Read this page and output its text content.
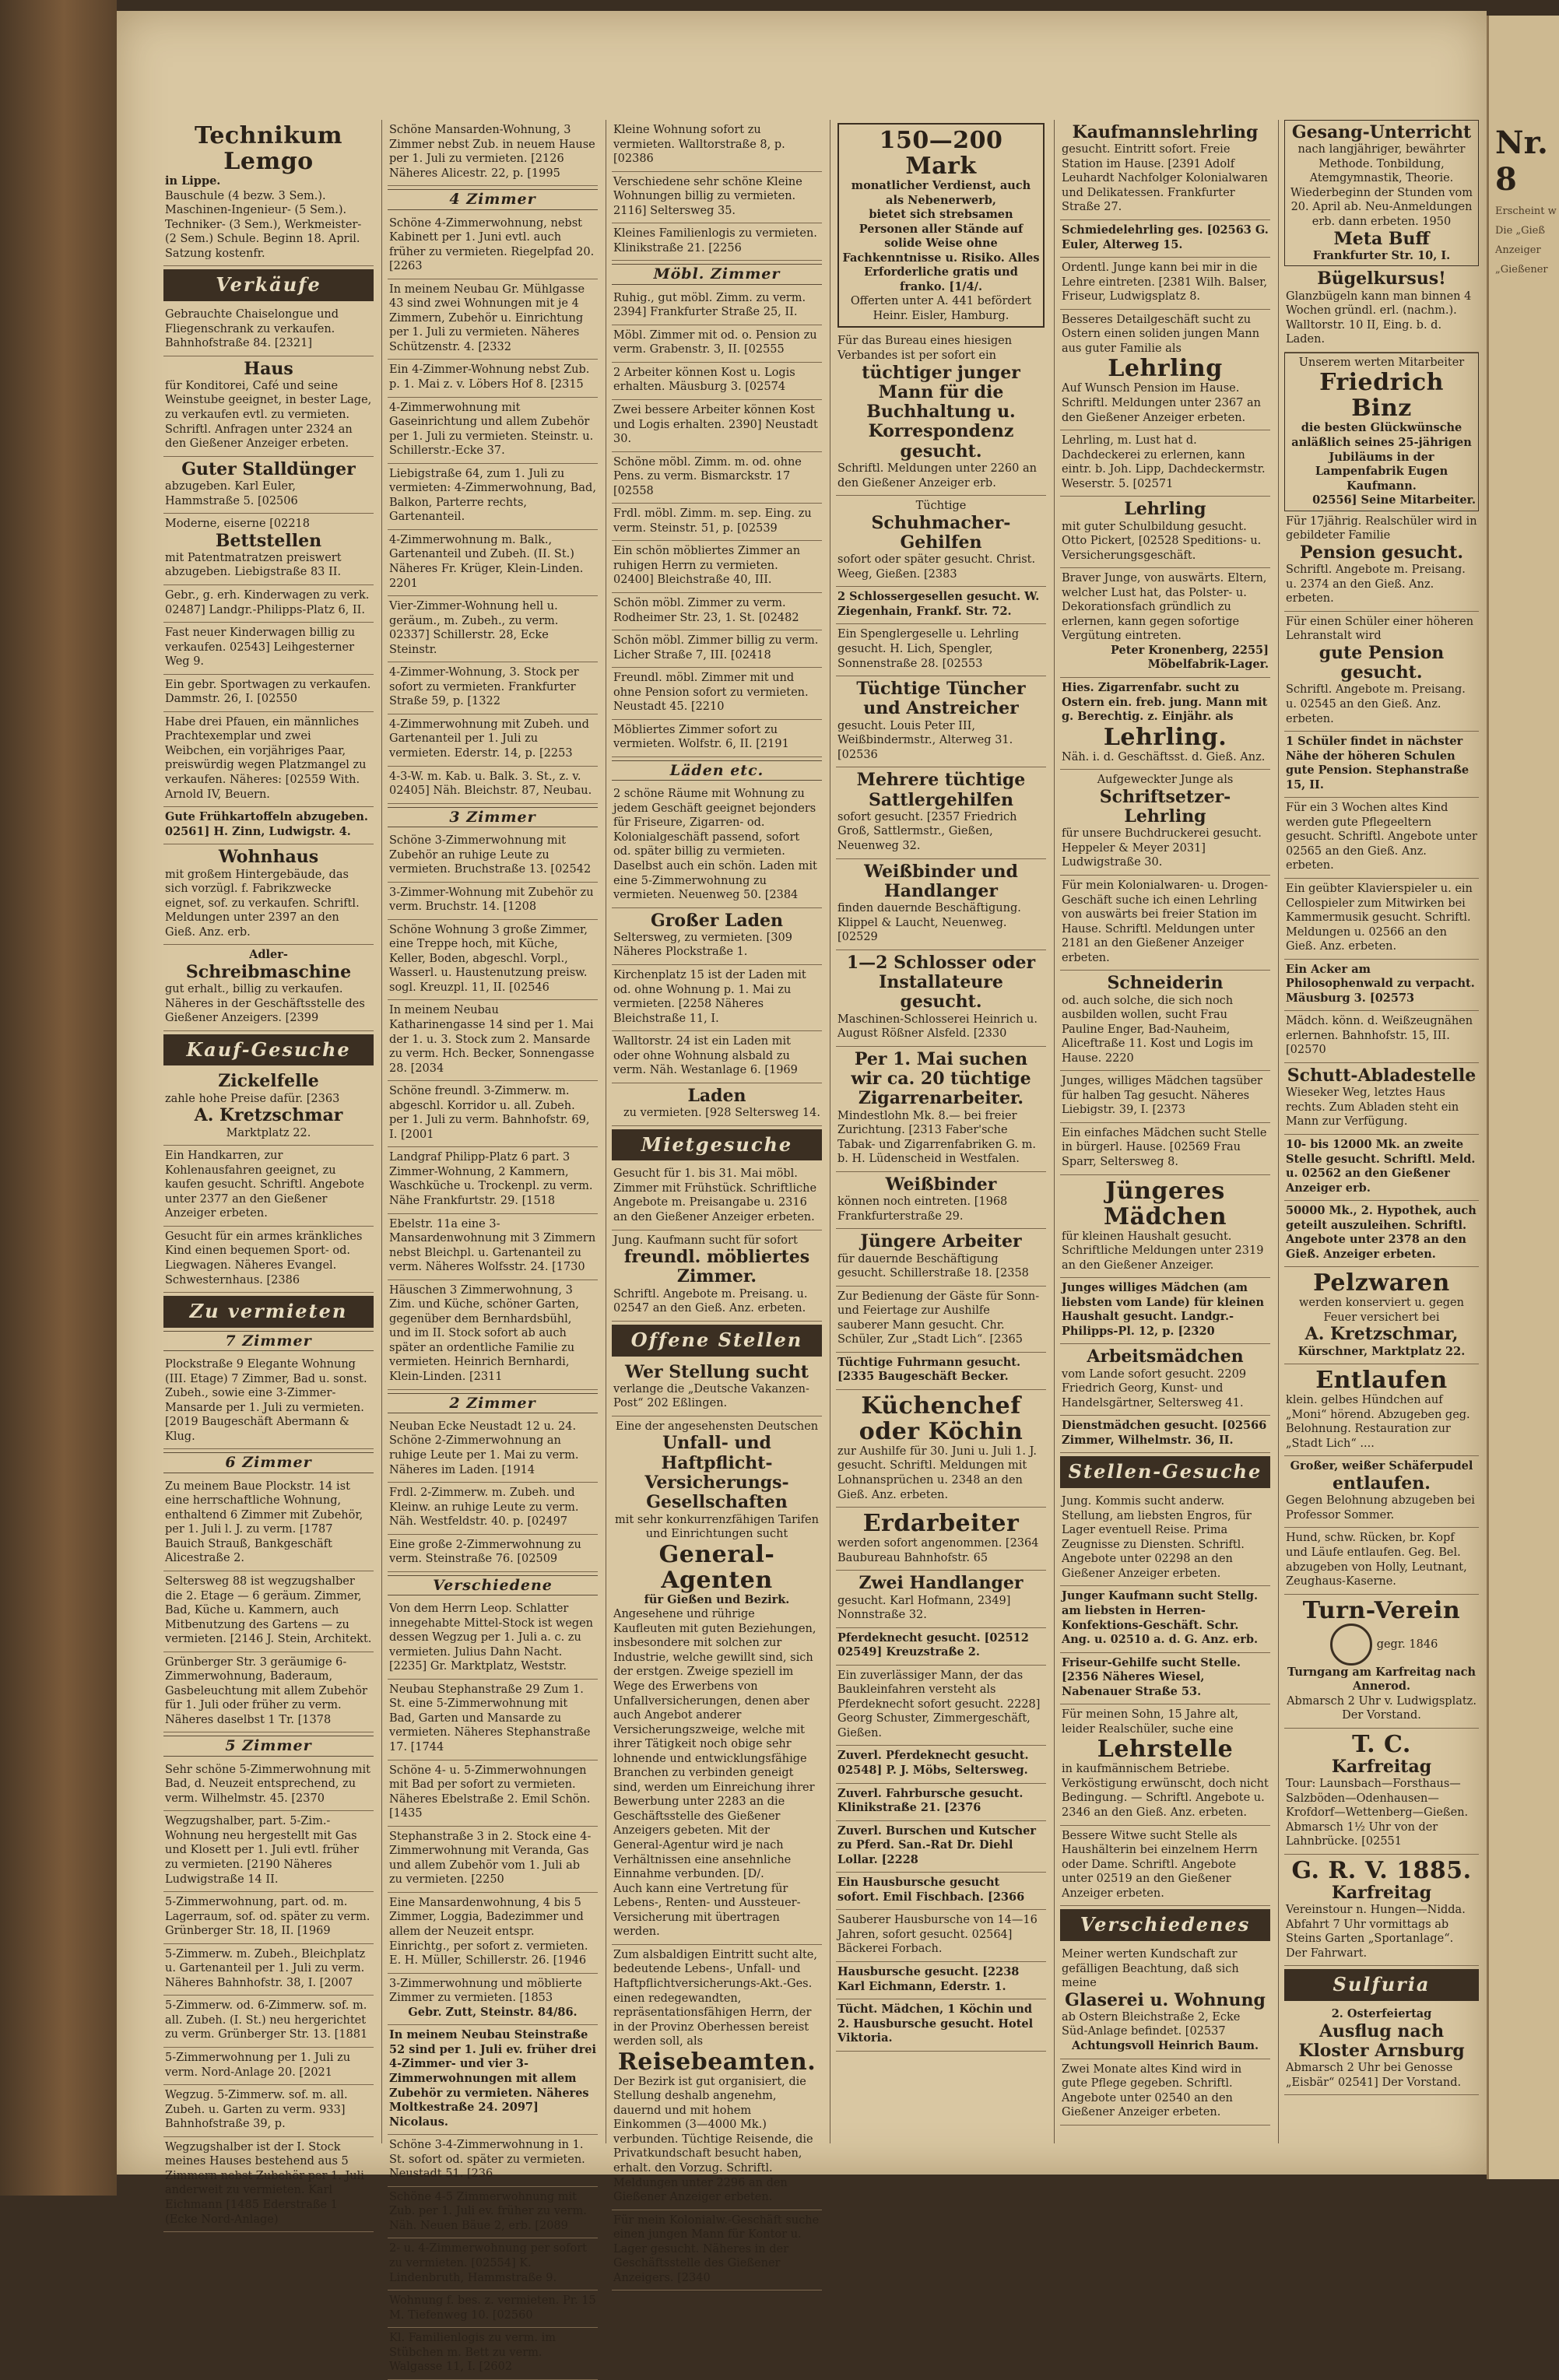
Nr. 8
Erscheint w
Die „Gieß
Anzeiger
„Gießener

Technikum Lemgo

in Lippe.

Bauschule (4 bezw. 3 Sem.). Maschinen-Ingenieur- (5 Sem.). Techniker- (3 Sem.), Werkmeister- (2 Sem.) Schule. Beginn 18. April. Satzung kostenfr.

Verkäufe

Gebrauchte Chaiselongue und Fliegenschrank zu verkaufen. Bahnhofstraße 84. [2321]

Haus

für Konditorei, Café und seine Weinstube geeignet, in bester Lage, zu verkaufen evtl. zu vermieten. Schriftl. Anfragen unter 2324 an den Gießener Anzeiger erbeten.

Guter Stalldünger

abzugeben. Karl Euler, Hammstraße 5. [02506

Moderne, eiserne [02218

Bettstellen

mit Patentmatratzen preiswert abzugeben. Liebigstraße 83 II.

Gebr., g. erh. Kinderwagen zu verk. 02487] Landgr.-Philipps-Platz 6, II.

Fast neuer Kinderwagen billig zu verkaufen. 02543] Leihgesterner Weg 9.

Ein gebr. Sportwagen zu verkaufen. Dammstr. 26, I. [02550

Habe drei Pfauen, ein männliches Prachtexemplar und zwei Weibchen, ein vorjähriges Paar, preiswürdig wegen Platzmangel zu verkaufen. Näheres: [02559 With. Arnold IV, Beuern.

Gute Frühkartoffeln abzugeben. 02561] H. Zinn, Ludwigstr. 4.

Wohnhaus

mit großem Hintergebäude, das sich vorzügl. f. Fabrikzwecke eignet, sof. zu verkaufen. Schriftl. Meldungen unter 2397 an den Gieß. Anz. erb.

Adler-

Schreibmaschine

gut erhalt., billig zu verkaufen. Näheres in der Geschäftsstelle des Gießener Anzeigers. [2399

Kauf-Gesuche

Zickelfelle

zahle hohe Preise dafür. [2363

A. Kretzschmar

Marktplatz 22.

Ein Handkarren, zur Kohlenausfahren geeignet, zu kaufen gesucht. Schriftl. Angebote unter 2377 an den Gießener Anzeiger erbeten.

Gesucht für ein armes kränkliches Kind einen bequemen Sport- od. Liegwagen. Näheres Evangel. Schwesternhaus. [2386

Zu vermieten
7 Zimmer

Plockstraße 9 Elegante Wohnung (III. Etage) 7 Zimmer, Bad u. sonst. Zubeh., sowie eine 3-Zimmer-Mansarde per 1. Juli zu vermieten. [2019 Baugeschäft Abermann & Klug.

6 Zimmer

Zu meinem Baue Plockstr. 14 ist eine herrschaftliche Wohnung, enthaltend 6 Zimmer mit Zubehör, per 1. Juli l. J. zu verm. [1787 Bauich Strauß, Bankgeschäft Alicestraße 2.

Seltersweg 88 ist wegzugshalber die 2. Etage — 6 geräum. Zimmer, Bad, Küche u. Kammern, auch Mitbenutzung des Gartens — zu vermieten. [2146 J. Stein, Architekt.

Grünberger Str. 3 geräumige 6-Zimmerwohnung, Baderaum, Gasbeleuchtung mit allem Zubehör für 1. Juli oder früher zu verm. Näheres daselbst 1 Tr. [1378

5 Zimmer

Sehr schöne 5-Zimmerwohnung mit Bad, d. Neuzeit entsprechend, zu verm. Wilhelmstr. 45. [2370

Wegzugshalber, part. 5-Zim.-Wohnung neu hergestellt mit Gas und Klosett per 1. Juli evtl. früher zu vermieten. [2190 Näheres Ludwigstraße 14 II.

5-Zimmerwohnung, part. od. m. Lagerraum, sof. od. später zu verm. Grünberger Str. 18, II. [1969

5-Zimmerw. m. Zubeh., Bleichplatz u. Gartenanteil per 1. Juli zu verm. Näheres Bahnhofstr. 38, I. [2007

5-Zimmerw. od. 6-Zimmerw. sof. m. all. Zubeh. (I. St.) neu hergerichtet zu verm. Grünberger Str. 13. [1881

5-Zimmerwohnung per 1. Juli zu verm. Nord-Anlage 20. [2021

Wegzug. 5-Zimmerw. sof. m. all. Zubeh. u. Garten zu verm. 933] Bahnhofstraße 39, p.

Wegzugshalber ist der I. Stock meines Hauses bestehend aus 5 Zimmern nebst Zubehör per 1. Juli anderweit zu vermieten. Karl Eichmann [1485 Ederstraße 1 (Ecke Nord-Anlage)

Schöne Mansarden-Wohnung, 3 Zimmer nebst Zub. in neuem Hause per 1. Juli zu vermieten. [2126 Näheres Alicestr. 22, p. [1995

4 Zimmer

Schöne 4-Zimmerwohnung, nebst Kabinett per 1. Juni evtl. auch früher zu vermieten. Riegelpfad 20. [2263

In meinem Neubau Gr. Mühlgasse 43 sind zwei Wohnungen mit je 4 Zimmern, Zubehör u. Einrichtung per 1. Juli zu vermieten. Näheres Schützenstr. 4. [2332

Ein 4-Zimmer-Wohnung nebst Zub. p. 1. Mai z. v. Löbers Hof 8. [2315

4-Zimmerwohnung mit Gaseinrichtung und allem Zubehör per 1. Juli zu vermieten. Steinstr. u. Schillerstr.-Ecke 37.

Liebigstraße 64, zum 1. Juli zu vermieten: 4-Zimmerwohnung, Bad, Balkon, Parterre rechts, Gartenanteil.

4-Zimmerwohnung m. Balk., Gartenanteil und Zubeh. (II. St.) Näheres Fr. Krüger, Klein-Linden. 2201

Vier-Zimmer-Wohnung hell u. geräum., m. Zubeh., zu verm. 02337] Schillerstr. 28, Ecke Steinstr.

4-Zimmer-Wohnung, 3. Stock per sofort zu vermieten. Frankfurter Straße 59, p. [1322

4-Zimmerwohnung mit Zubeh. und Gartenanteil per 1. Juli zu vermieten. Ederstr. 14, p. [2253

4-3-W. m. Kab. u. Balk. 3. St., z. v. 02405] Näh. Bleichstr. 87, Neubau.

3 Zimmer

Schöne 3-Zimmerwohnung mit Zubehör an ruhige Leute zu vermieten. Bruchstraße 13. [02542

3-Zimmer-Wohnung mit Zubehör zu verm. Bruchstr. 14. [1208

Schöne Wohnung 3 große Zimmer, eine Treppe hoch, mit Küche, Keller, Boden, abgeschl. Vorpl., Wasserl. u. Haustenutzung preisw. sogl. Kreuzpl. 11, II. [02546

In meinem Neubau Katharinengasse 14 sind per 1. Mai der 1. u. 3. Stock zum 2. Mansarde zu verm. Hch. Becker, Sonnengasse 28. [2034

Schöne freundl. 3-Zimmerw. m. abgeschl. Korridor u. all. Zubeh. per 1. Juli zu verm. Bahnhofstr. 69, I. [2001

Landgraf Philipp-Platz 6 part. 3 Zimmer-Wohnung, 2 Kammern, Waschküche u. Trockenpl. zu verm. Nähe Frankfurtstr. 29. [1518

Ebelstr. 11a eine 3-Mansardenwohnung mit 3 Zimmern nebst Bleichpl. u. Gartenanteil zu verm. Näheres Wolfsstr. 24. [1730

Häuschen 3 Zimmerwohnung, 3 Zim. und Küche, schöner Garten, gegenüber dem Bernhardsbühl, und im II. Stock sofort ab auch später an ordentliche Familie zu vermieten. Heinrich Bernhardi, Klein-Linden. [2311

2 Zimmer

Neuban Ecke Neustadt 12 u. 24. Schöne 2-Zimmerwohnung an ruhige Leute per 1. Mai zu verm. Näheres im Laden. [1914

Frdl. 2-Zimmerw. m. Zubeh. und Kleinw. an ruhige Leute zu verm. Näh. Westfeldstr. 40. p. [02497

Eine große 2-Zimmerwohnung zu verm. Steinstraße 76. [02509

Verschiedene

Von dem Herrn Leop. Schlatter innegehabte Mittel-Stock ist wegen dessen Wegzug per 1. Juli a. c. zu vermieten. Julius Dahn Nacht. [2235] Gr. Marktplatz, Weststr.

Neubau Stephanstraße 29 Zum 1. St. eine 5-Zimmerwohnung mit Bad, Garten und Mansarde zu vermieten. Näheres Stephanstraße 17. [1744

Schöne 4- u. 5-Zimmerwohnungen mit Bad per sofort zu vermieten. Näheres Ebelstraße 2. Emil Schön. [1435

Stephanstraße 3 in 2. Stock eine 4-Zimmerwohnung mit Veranda, Gas und allem Zubehör vom 1. Juli ab zu vermieten. [2250

Eine Mansardenwohnung, 4 bis 5 Zimmer, Loggia, Badezimmer und allem der Neuzeit entspr. Einrichtg., per sofort z. vermieten. E. H. Müller, Schillerstr. 26. [1946

3-Zimmerwohnung und möblierte Zimmer zu vermieten. [1853

Gebr. Zutt, Steinstr. 84/86.

In meinem Neubau Steinstraße 52 sind per 1. Juli ev. früher drei 4-Zimmer- und vier 3-Zimmerwohnungen mit allem Zubehör zu vermieten. Näheres Moltkestraße 24. 2097] Nicolaus.

Schöne 3-4-Zimmerwohnung in 1. St. sofort od. später zu vermieten. Neustadt 51. [236

Schöne 4-5 Zimmerwohnung mit Zub. per 1. Juli ev. früher zu verm. Näh. Neuen Bäue 2, erb. [2089

2- u. 4-Zimmerwohnung per sofort zu vermieten. [02554] K. Lindenbruth, Hammstraße 9.

Wohnung f. bes. z. vermieten. Pr. 15 M. Tiefenweg 10. [02560

Kl. Familienlogis zu verm. im Stübchen m. Bett zu verm. Walgasse 11, I. [2602

Kleine Wohnung sofort zu vermieten. Walltorstraße 8, p. [02386

Verschiedene sehr schöne Kleine Wohnungen billig zu vermieten. 2116] Seltersweg 35.

Kleines Familienlogis zu vermieten. Klinikstraße 21. [2256

Möbl. Zimmer

Ruhig., gut möbl. Zimm. zu verm. 2394] Frankfurter Straße 25, II.

Möbl. Zimmer mit od. o. Pension zu verm. Grabenstr. 3, II. [02555

2 Arbeiter können Kost u. Logis erhalten. Mäusburg 3. [02574

Zwei bessere Arbeiter können Kost und Logis erhalten. 2390] Neustadt 30.

Schöne möbl. Zimm. m. od. ohne Pens. zu verm. Bismarckstr. 17 [02558

Frdl. möbl. Zimm. m. sep. Eing. zu verm. Steinstr. 51, p. [02539

Ein schön möbliertes Zimmer an ruhigen Herrn zu vermieten. 02400] Bleichstraße 40, III.

Schön möbl. Zimmer zu verm. Rodheimer Str. 23, 1. St. [02482

Schön möbl. Zimmer billig zu verm. Licher Straße 7, III. [02418

Freundl. möbl. Zimmer mit und ohne Pension sofort zu vermieten. Neustadt 45. [2210

Möbliertes Zimmer sofort zu vermieten. Wolfstr. 6, II. [2191

Läden etc.

2 schöne Räume mit Wohnung zu jedem Geschäft geeignet bejonders für Friseure, Zigarren- od. Kolonialgeschäft passend, sofort od. später billig zu vermieten. Daselbst auch ein schön. Laden mit eine 5-Zimmerwohnung zu vermieten. Neuenweg 50. [2384

Großer Laden

Seltersweg, zu vermieten. [309 Näheres Plockstraße 1.

Kirchenplatz 15 ist der Laden mit od. ohne Wohnung p. 1. Mai zu vermieten. [2258 Näheres Bleichstraße 11, I.

Walltorstr. 24 ist ein Laden mit oder ohne Wohnung alsbald zu verm. Näh. Westanlage 6. [1969

Laden

zu vermieten. [928 Seltersweg 14.

Mietgesuche

Gesucht für 1. bis 31. Mai möbl. Zimmer mit Frühstück. Schriftliche Angebote m. Preisangabe u. 2316 an den Gießener Anzeiger erbeten.

Jung. Kaufmann sucht für sofort

freundl. möbliertes Zimmer.

Schriftl. Angebote m. Preisang. u. 02547 an den Gieß. Anz. erbeten.

Offene Stellen

Wer Stellung sucht

verlange die „Deutsche Vakanzen-Post“ 202 Eßlingen.

Eine der angesehensten Deutschen

Unfall- und Haftpflicht-Versicherungs-Gesellschaften

mit sehr konkurrenzfähigen Tarifen und Einrichtungen sucht

General-Agenten

für Gießen und Bezirk.

Angesehene und rührige Kaufleuten mit guten Beziehungen, insbesondere mit solchen zur Industrie, welche gewillt sind, sich der erstgen. Zweige speziell im Wege des Erwerbens von Unfallversicherungen, denen aber auch Angebot anderer Versicherungszweige, welche mit ihrer Tätigkeit noch obige sehr lohnende und entwicklungsfähige Branchen zu verbinden geneigt sind, werden um Einreichung ihrer Bewerbung unter 2283 an die Geschäftsstelle des Gießener Anzeigers gebeten. Mit der General-Agentur wird je nach Verhältnissen eine ansehnliche Einnahme verbunden. [D/.

Auch kann eine Vertretung für Lebens-, Renten- und Aussteuer-Versicherung mit übertragen werden.

Zum alsbaldigen Eintritt sucht alte, bedeutende Lebens-, Unfall- und Haftpflichtversicherungs-Akt.-Ges. einen redegewandten, repräsentationsfähigen Herrn, der in der Provinz Oberhessen bereist werden soll, als

Reisebeamten.

Der Bezirk ist gut organisiert, die Stellung deshalb angenehm, dauernd und mit hohem Einkommen (3—4000 Mk.) verbunden. Tüchtige Reisende, die Privatkundschaft besucht haben, erhalt. den Vorzug. Schriftl. Meldungen unter 2296 an den Gießener Anzeiger erbeten.

Für mein Kolonialw.-Geschäft suche einen jungen Mann für Kontor u. Lager gesucht. Näheres in der Geschäftsstelle des Gießener Anzeigers. [2340

150—200 Mark

monatlicher Verdienst, auch als Nebenerwerb,

bietet sich strebsamen Personen aller Stände auf solide Weise ohne Fachkenntnisse u. Risiko. Alles Erforderliche gratis und franko. [1/4/.

Offerten unter A. 441 befördert Heinr. Eisler, Hamburg.

Für das Bureau eines hiesigen Verbandes ist per sofort ein

tüchtiger junger Mann für die Buchhaltung u. Korrespondenz gesucht.

Schriftl. Meldungen unter 2260 an den Gießener Anzeiger erb.

Tüchtige

Schuhmacher-Gehilfen

sofort oder später gesucht. Christ. Weeg, Gießen. [2383

2 Schlossergesellen gesucht. W. Ziegenhain, Frankf. Str. 72.

Ein Spenglergeselle u. Lehrling gesucht. H. Lich, Spengler, Sonnenstraße 28. [02553

Tüchtige Tüncher und Anstreicher

gesucht. Louis Peter III, Weißbindermstr., Alterweg 31. [02536

Mehrere tüchtige Sattlergehilfen

sofort gesucht. [2357 Friedrich Groß, Sattlermstr., Gießen, Neuenweg 32.

Weißbinder und Handlanger

finden dauernde Beschäftigung. Klippel & Laucht, Neuenweg. [02529

1—2 Schlosser oder Installateure gesucht.

Maschinen-Schlosserei Heinrich u. August Rößner Alsfeld. [2330

Per 1. Mai suchen wir ca. 20 tüchtige Zigarrenarbeiter.

Mindestlohn Mk. 8.— bei freier Zurichtung. [2313 Faber'sche Tabak- und Zigarrenfabriken G. m. b. H. Lüdenscheid in Westfalen.

Weißbinder

können noch eintreten. [1968 Frankfurterstraße 29.

Jüngere Arbeiter

für dauernde Beschäftigung gesucht. Schillerstraße 18. [2358

Zur Bedienung der Gäste für Sonn- und Feiertage zur Aushilfe sauberer Mann gesucht. Chr. Schüler, Zur „Stadt Lich“. [2365

Tüchtige Fuhrmann gesucht. [2335 Baugeschäft Becker.

Küchenchef oder Köchin

zur Aushilfe für 30. Juni u. Juli 1. J. gesucht. Schriftl. Meldungen mit Lohnansprüchen u. 2348 an den Gieß. Anz. erbeten.

Erdarbeiter

werden sofort angenommen. [2364 Baubureau Bahnhofstr. 65

Zwei Handlanger

gesucht. Karl Hofmann, 2349] Nonnstraße 32.

Pferdeknecht gesucht. [02512 02549] Kreuzstraße 2.

Ein zuverlässiger Mann, der das Baukleinfahren versteht als Pferdeknecht sofort gesucht. 2228] Georg Schuster, Zimmergeschäft, Gießen.

Zuverl. Pferdeknecht gesucht. 02548] P. J. Möbs, Seltersweg.

Zuverl. Fahrbursche gesucht. Klinikstraße 21. [2376

Zuverl. Burschen und Kutscher zu Pferd. San.-Rat Dr. Diehl Lollar. [2228

Ein Hausbursche gesucht sofort. Emil Fischbach. [2366

Sauberer Hausbursche von 14—16 Jahren, sofort gesucht. 02564] Bäckerei Forbach.

Hausbursche gesucht. [2238 Karl Eichmann, Ederstr. 1.

Tücht. Mädchen, 1 Köchin und 2. Hausbursche gesucht. Hotel Viktoria.

Kaufmannslehrling

gesucht. Eintritt sofort. Freie Station im Hause. [2391 Adolf Leuhardt Nachfolger Kolonialwaren und Delikatessen. Frankfurter Straße 27.

Schmiedelehrling ges. [02563 G. Euler, Alterweg 15.

Ordentl. Junge kann bei mir in die Lehre eintreten. [2381 Wilh. Balser, Friseur, Ludwigsplatz 8.

Besseres Detailgeschäft sucht zu Ostern einen soliden jungen Mann aus guter Familie als

Lehrling

Auf Wunsch Pension im Hause. Schriftl. Meldungen unter 2367 an den Gießener Anzeiger erbeten.

Lehrling, m. Lust hat d. Dachdeckerei zu erlernen, kann eintr. b. Joh. Lipp, Dachdeckermstr. Weserstr. 5. [02571

Lehrling

mit guter Schulbildung gesucht. Otto Pickert, [02528 Speditions- u. Versicherungsgeschäft.

Braver Junge, von auswärts. Eltern, welcher Lust hat, das Polster- u. Dekorationsfach gründlich zu erlernen, kann gegen sofortige Vergütung eintreten.

Peter Kronenberg, 2255] Möbelfabrik-Lager.

Hies. Zigarrenfabr. sucht zu Ostern ein. freb. jung. Mann mit g. Berechtig. z. Einjähr. als

Lehrling.

Näh. i. d. Geschäftsst. d. Gieß. Anz.

Aufgeweckter Junge als

Schriftsetzer-Lehrling

für unsere Buchdruckerei gesucht. Heppeler & Meyer 2031] Ludwigstraße 30.

Für mein Kolonialwaren- u. Drogen-Geschäft suche ich einen Lehrling von auswärts bei freier Station im Hause. Schriftl. Meldungen unter 2181 an den Gießener Anzeiger erbeten.

Schneiderin

od. auch solche, die sich noch ausbilden wollen, sucht Frau Pauline Enger, Bad-Nauheim, Aliceftraße 11. Kost und Logis im Hause. 2220

Junges, williges Mädchen tagsüber für halben Tag gesucht. Näheres Liebigstr. 39, I. [2373

Ein einfaches Mädchen sucht Stelle in bürgerl. Hause. [02569 Frau Sparr, Seltersweg 8.

Jüngeres Mädchen

für kleinen Haushalt gesucht. Schriftliche Meldungen unter 2319 an den Gießener Anzeiger.

Junges williges Mädchen (am liebsten vom Lande) für kleinen Haushalt gesucht. Landgr.-Philipps-Pl. 12, p. [2320

Arbeitsmädchen

vom Lande sofort gesucht. 2209 Friedrich Georg, Kunst- und Handelsgärtner, Seltersweg 41.

Dienstmädchen gesucht. [02566 Zimmer, Wilhelmstr. 36, II.

Stellen-Gesuche

Jung. Kommis sucht anderw. Stellung, am liebsten Engros, für Lager eventuell Reise. Prima Zeugnisse zu Diensten. Schriftl. Angebote unter 02298 an den Gießener Anzeiger erbeten.

Junger Kaufmann sucht Stellg. am liebsten in Herren-Konfektions-Geschäft. Schr. Ang. u. 02510 a. d. G. Anz. erb.

Friseur-Gehilfe sucht Stelle. [2356 Näheres Wiesel, Nabenauer Straße 53.

Für meinen Sohn, 15 Jahre alt, leider Realschüler, suche eine

Lehrstelle

in kaufmännischem Betriebe. Verköstigung erwünscht, doch nicht Bedingung. — Schriftl. Angebote u. 2346 an den Gieß. Anz. erbeten.

Bessere Witwe sucht Stelle als Haushälterin bei einzelnem Herrn oder Dame. Schriftl. Angebote unter 02519 an den Gießener Anzeiger erbeten.

Verschiedenes

Meiner werten Kundschaft zur gefälligen Beachtung, daß sich meine

Glaserei u. Wohnung

ab Ostern Bleichstraße 2, Ecke Süd-Anlage befindet. [02537

Achtungsvoll Heinrich Baum.

Zwei Monate altes Kind wird in gute Pflege gegeben. Schriftl. Angebote unter 02540 an den Gießener Anzeiger erbeten.

Gesang-Unterricht

nach langjähriger, bewährter Methode. Tonbildung, Atemgymnastik, Theorie. Wiederbeginn der Stunden vom 20. April ab. Neu-Anmeldungen erb. dann erbeten. 1950

Meta Buff

Frankfurter Str. 10, I.

Bügelkursus!

Glanzbügeln kann man binnen 4 Wochen gründl. erl. (nachm.). Walltorstr. 10 II, Eing. b. d. Laden.

Unserem werten Mitarbeiter

Friedrich Binz

die besten Glückwünsche anläßlich seines 25-jährigen Jubiläums in der Lampenfabrik Eugen Kaufmann.

02556] Seine Mitarbeiter.

Für 17jährig. Realschüler wird in gebildeter Familie

Pension gesucht.

Schriftl. Angebote m. Preisang. u. 2374 an den Gieß. Anz. erbeten.

Für einen Schüler einer höheren Lehranstalt wird

gute Pension gesucht.

Schriftl. Angebote m. Preisang. u. 02545 an den Gieß. Anz. erbeten.

1 Schüler findet in nächster Nähe der höheren Schulen gute Pension. Stephanstraße 15, II.

Für ein 3 Wochen altes Kind werden gute Pflegeeltern gesucht. Schriftl. Angebote unter 02565 an den Gieß. Anz. erbeten.

Ein geübter Klavierspieler u. ein Cellospieler zum Mitwirken bei Kammermusik gesucht. Schriftl. Meldungen u. 02566 an den Gieß. Anz. erbeten.

Ein Acker am Philosophenwald zu verpacht. Mäusburg 3. [02573

Mädch. könn. d. Weißzeugnähen erlernen. Bahnhofstr. 15, III. [02570

Schutt-Abladestelle

Wieseker Weg, letztes Haus rechts. Zum Abladen steht ein Mann zur Verfügung.

10- bis 12000 Mk. an zweite Stelle gesucht. Schriftl. Meld. u. 02562 an den Gießener Anzeiger erb.

50000 Mk., 2. Hypothek, auch geteilt auszuleihen. Schriftl. Angebote unter 2378 an den Gieß. Anzeiger erbeten.

Pelzwaren

werden konserviert u. gegen Feuer versichert bei

A. Kretzschmar,

Kürschner, Marktplatz 22.

Entlaufen

klein. gelbes Hündchen auf „Moni“ hörend. Abzugeben geg. Belohnung. Restauration zur „Stadt Lich“ ....

Großer, weißer Schäferpudel

entlaufen.

Gegen Belohnung abzugeben bei Professor Sommer.

Hund, schw. Rücken, br. Kopf und Läufe entlaufen. Geg. Bel. abzugeben von Holly, Leutnant, Zeughaus-Kaserne.

Turn-Verein

gegr. 1846

Turngang am Karfreitag nach Annerod.

Abmarsch 2 Uhr v. Ludwigsplatz. Der Vorstand.

T. C.

Karfreitag

Tour: Launsbach—Forsthaus—Salzböden—Odenhausen—Krofdorf—Wettenberg—Gießen. Abmarsch 1½ Uhr von der Lahnbrücke. [02551

G. R. V. 1885.

Karfreitag

Vereinstour n. Hungen—Nidda. Abfahrt 7 Uhr vormittags ab Steins Garten „Sportanlage“. Der Fahrwart.

Sulfuria

2. Osterfeiertag

Ausflug nach Kloster Arnsburg

Abmarsch 2 Uhr bei Genosse „Eisbär“ 02541] Der Vorstand.
